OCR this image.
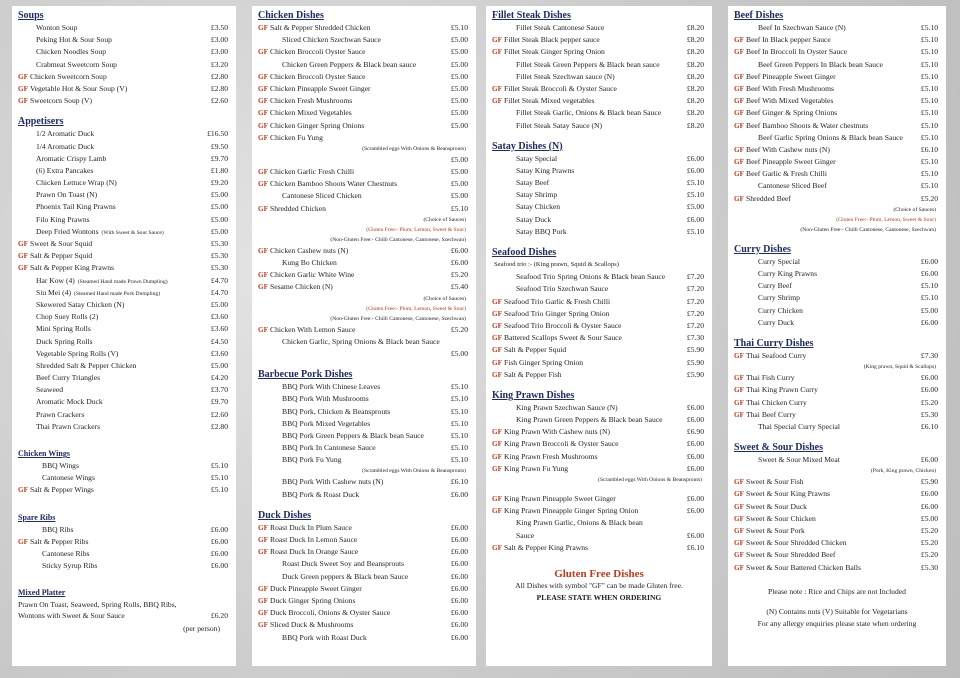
Soups
Wonton Soup	£3.50
Peking Hot & Sour Soup	£3.00
Chicken Noodles Soup	£3.00
Crabmeat Sweetcorn Soup	£3.20
GF Chicken Sweetcorn Soup	£2.80
GF Vegetable Hot & Sour Soup (V)	£2.80
GF Sweetcorn Soup (V)	£2.60
Appetisers
1/2 Aromatic Duck	£16.50
1/4 Aromatic Duck	£9.50
Aromatic Crispy Lamb	£9.70
(6) Extra Pancakes	£1.80
Chicken Lettuce Wrap (N)	£9.20
Prawn On Toast (N)	£5.00
Phoenix Tail King Prawns	£5.00
Filo King Prawns	£5.00
Deep Fried Wontons (With Sweet & Sour Sauce)	£5.00
GF Sweet & Sour Squid	£5.30
GF Salt & Pepper Squid	£5.30
GF Salt & Pepper King Prawns	£5.30
Har Kow (4) (Steamed Hand made Prawn Dumpling)	£4.70
Siu Mei (4) (Steamed Hand made Pork Dumpling)	£4.70
Skewered Satay Chicken (N)	£5.00
Chop Suey Rolls (2)	£3.60
Mini Spring Rolls	£3.60
Duck Spring Rolls	£4.50
Vegetable Spring Rolls (V)	£3.60
Shredded Salt & Pepper Chicken	£5.00
Beef Curry Triangles	£4.20
Seaweed	£3.70
Aromatic Mock Duck	£9.70
Prawn Crackers	£2.60
Thai Prawn Crackers	£2.80
Chicken Wings
BBQ Wings	£5.10
Cantonese Wings	£5.10
GF Salt & Pepper Wings	£5.10
Spare Ribs
BBQ Ribs	£6.00
GF Salt & Pepper Ribs	£6.00
Cantonese Ribs	£6.00
Sticky Syrup Ribs	£6.00
Mixed Platter
Prawn On Toast, Seaweed, Spring Rolls, BBQ Ribs,
Wontons with Sweet & Sour Sauce	£6.20
(per person)
Chicken Dishes
GF Salt & Pepper Shredded Chicken	£5.10
Sliced Chicken Szechwan Sauce	£5.00
GF Chicken Broccoli Oyster Sauce	£5.00
Chicken Green Peppers & Black bean sauce	£5.00
GF Chicken Broccoli Oyster Sauce	£5.00
GF Chicken Pineapple Sweet Ginger	£5.00
GF Chicken Fresh Mushrooms	£5.00
GF Chicken Mixed Vegetables	£5.00
GF Chicken Ginger Spring Onions	£5.00
GF Chicken Fu Yung
(Scrambled eggs With Onions & Beansprouts)
£5.00
GF Chicken Garlic Fresh Chilli	£5.00
GF Chicken Bamboo Shoots Water Chestnuts	£5.00
Cantonese Sliced Chicken	£5.00
GF Shredded Chicken	£5.10
(Choice of Sauces)
(Gluten Free:- Plum, Lemon, Sweet & Sour)
(Non-Gluten Free:- Chilli Cantonese, Cantonese, Szechwan)
GF Chicken Cashew nuts (N)	£6.00
Kung Bo Chicken	£6.00
GF Chicken Garlic White Wine	£5.20
GF Sesame Chicken (N)	£5.40
(Choice of Sauces)
(Gluten Free:- Plum, Lemon, Sweet & Sour)
(Non-Gluten Free:- Chilli Cantonese, Cantonese, Szechwan)
GF Chicken With Lemon Sauce	£5.20
Chicken Garlic, Spring Onions & Black bean Sauce
£5.00
Barbecue Pork Dishes
BBQ Pork With Chinese Leaves	£5.10
BBQ Pork With Mushrooms	£5.10
BBQ Pork, Chicken & Beansprouts	£5.10
BBQ Pork Mixed Vegetables	£5.10
BBQ Pork Green Peppers & Black bean Sauce	£5.10
BBQ Pork In Cantonese Sauce	£5.10
BBQ Pork Fu Yung	£5.10
(Scrambled eggs With Onions & Beansprouts)
BBQ Pork With Cashew nuts (N)	£6.10
BBQ Pork & Roast Duck	£6.00
Duck Dishes
GF Roast Duck In Plum Sauce	£6.00
GF Roast Duck In Lemon Sauce	£6.00
GF Roast Duck In Orange Sauce	£6.00
Roast Duck Sweet Soy and Beansprouts	£6.00
Duck Green peppers & Black bean Sauce	£6.00
GF Duck Pineapple Sweet Ginger	£6.00
GF Duck Ginger Spring Onions	£6.00
GF Duck Broccoli, Onions & Oyster Sauce	£6.00
GF Sliced Duck & Mushrooms	£6.00
BBQ Pork with Roast Duck	£6.00
Fillet Steak Dishes
Fillet Steak Cantonese Sauce	£8.20
GF Fillet Steak Black pepper sauce	£8.20
GF Fillet Steak Ginger Spring Onion	£8.20
Fillet Steak Green Peppers & Black bean sauce	£8.20
Fillet Steak Szechwan sauce (N)	£8.20
GF Fillet Steak Broccoli & Oyster Sauce	£8.20
GF Fillet Steak Mixed vegetables	£8.20
Fillet Steak Garlic, Onions & Black bean Sauce	£8.20
Fillet Steak Satay Sauce (N)	£8.20
Satay Dishes (N)
Satay Special	£6.00
Satay King Prawns	£6.00
Satay Beef	£5.10
Satay Shrimp	£5.10
Satay Chicken	£5.00
Satay Duck	£6.00
Satay BBQ Pork	£5.10
Seafood Dishes
Seafood trio :- (King prawn, Squid & Scallops)
Seafood Trio Spring Onions & Black bean Sauce	£7.20
Seafood Trio Szechwan Sauce	£7.20
GF Seafood Trio Garlic & Fresh Chilli	£7.20
GF Seafood Trio Ginger Spring Onion	£7.20
GF Seafood Trio Broccoli & Oyster Sauce	£7.20
GF Battered Scallops Sweet & Sour Sauce	£7.30
GF Salt & Pepper Squid	£5.90
GF Fish Ginger Spring Onion	£5.90
GF Salt & Pepper Fish	£5.90
King Prawn Dishes
King Prawn Szechwan Sauce (N)	£6.00
King Prawn Green Peppers & Black bean Sauce	£6.00
GF King Prawn With Cashew nuts (N)	£6.90
GF King Prawn Broccoli & Oyster Sauce	£6.00
GF King Prawn Fresh Mushrooms	£6.00
GF King Prawn Fu Yung	£6.00
(Scrambled eggs With Onions & Beansprouts)
GF King Prawn Pineapple Sweet Ginger	£6.00
GF King Prawn Pineapple Ginger Spring Onion	£6.00
King Prawn Garlic, Onions & Black bean
Sauce	£6.00
GF Salt & Pepper King Prawns	£6.10
Gluten Free Dishes
All Dishes with symbol "GF" can be made Gluten free.
PLEASE STATE WHEN ORDERING
Beef Dishes
Beef In Szechwan Sauce (N)	£5.10
GF Beef In Black pepper Sauce	£5.10
GF Beef In Broccoli In Oyster Sauce	£5.10
Beef Green Peppers In Black bean Sauce	£5.10
GF Beef Pineapple Sweet Ginger	£5.10
GF Beef With Fresh Mushrooms	£5.10
GF Beef With Mixed Vegetables	£5.10
GF Beef Ginger & Spring Onions	£5.10
GF Beef Bamboo Shoots & Water chestnuts	£5.10
Beef Garlic Spring Onions & Black bean Sauce £5.10
GF Beef With Cashew nuts (N)	£6.10
GF Beef Pineapple Sweet Ginger	£5.10
GF Beef Garlic & Fresh Chilli	£5.10
Cantonese Sliced Beef	£5.10
GF Shredded Beef	£5.20
(Choice of Sauces)
(Gluten Free:- Plum, Lemon, Sweet & Sour)
(Non-Gluten Free:- Chilli Cantonese, Cantonese, Szechwan)
Curry Dishes
Curry Special	£6.00
Curry King Prawns	£6.00
Curry Beef	£5.10
Curry Shrimp	£5.10
Curry Chicken	£5.00
Curry Duck	£6.00
Thai Curry Dishes
GF Thai Seafood Curry	£7.30
(King prawn, Squid & Scallops)
GF Thai Fish Curry	£6.00
GF Thai King Prawn Curry	£6.00
GF Thai Chicken Curry	£5.20
GF Thai Beef Curry	£5.30
Thai Special Curry Special	£6.10
Sweet & Sour Dishes
Sweet & Sour Mixed Meat	£6.00
(Pork, King prawn, Chicken)
GF Sweet & Sour Fish	£5.90
GF Sweet & Sour King Prawns	£6.00
GF Sweet & Sour Duck	£6.00
GF Sweet & Sour Chicken	£5.00
GF Sweet & Sour Pork	£5.20
GF Sweet & Sour Shredded Chicken	£5.20
GF Sweet & Sour Shredded Beef	£5.20
GF Sweet & Sour Battered Chicken Balls	£5.30
Please note : Rice and Chips are not Included
(N) Contains nuts (V) Suitable for Vegetarians
For any allergy enquiries please state when ordering
